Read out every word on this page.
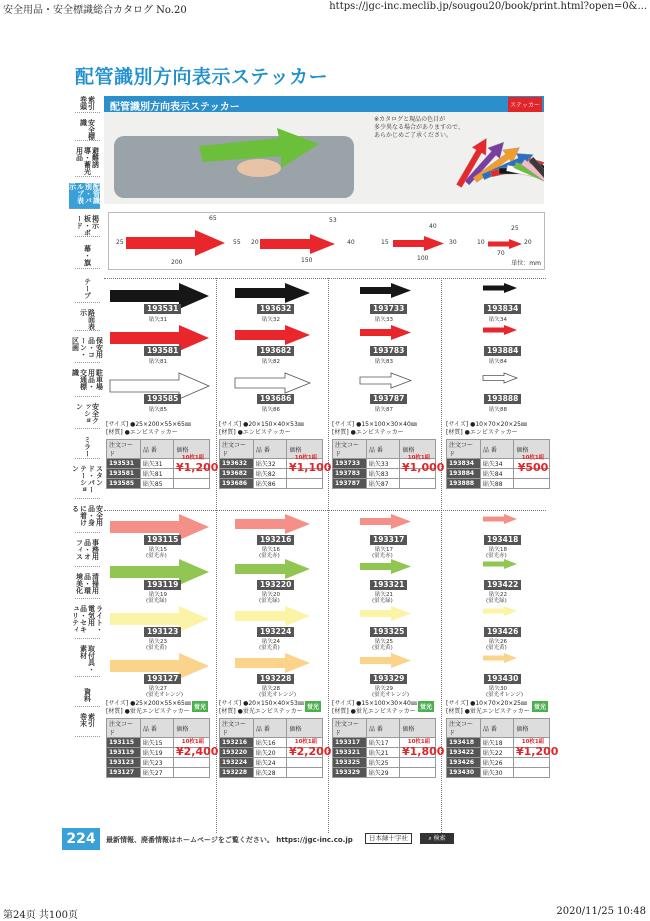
安全用品・安全標識総合カタログ No.20	https://jgc-inc.meclib.jp/sougou20/book/print.html?open=0&...
配管識別方向表示ステッカー
索引 巻頭
安全標識
避難誘導・蓄光用品
配管識別・バルブ表示
掲示板・ボード
幕・旗
テープ
路面表示
保安用品・コーン・区画
駐車場用品・交通標識
安全クッション
ミラー
スタンド・パーテーション
安全用品・身に着ける
事務用品・オフィス
清掃用品・環境美化
ライト・電気用品・セキュリティ
取付具・素材
資料
索引 巻末
配管識別方向表示ステッカー	ステッカー
※カタログと現品の色目が
多少異なる場合がありますので、
あらかじめご了承ください。
単位：mm
65
25	55
200
53
20	40
150
40
15	30
100
25
10	20
70
193531
貼矢31
193581
貼矢81
193585
貼矢85
193632
貼矢32
193682
貼矢82
193686
貼矢86
193733
貼矢33
193783
貼矢83
193787
貼矢87
193834
貼矢34
193884
貼矢84
193888
貼矢88
[サイズ] ●25×200×55×65㎜
[材質] ●エンビステッカー
注文コード	品 番	価格
193531	貼矢31	
193581	貼矢81	
193585	貼矢85	
10枚1組
¥1,200
[サイズ] ●20×150×40×53㎜
[材質] ●エンビステッカー
注文コード	品 番	価格
193632	貼矢32	
193682	貼矢82	
193686	貼矢86	
10枚1組
¥1,100
[サイズ] ●15×100×30×40㎜
[材質] ●エンビステッカー
注文コード	品 番	価格
193733	貼矢33	
193783	貼矢83	
193787	貼矢87	
10枚1組
¥1,000
[サイズ] ●10×70×20×25㎜
[材質] ●エンビステッカー
注文コード	品 番	価格
193834	貼矢34	
193884	貼矢84	
193888	貼矢88	
10枚1組
¥500
193115
貼矢15
(蛍光赤)
193119
貼矢19
(蛍光緑)
193123
貼矢23
(蛍光黄)
193127
貼矢27
(蛍光オレンジ)
193216
貼矢16
(蛍光赤)
193220
貼矢20
(蛍光緑)
193224
貼矢24
(蛍光黄)
193228
貼矢28
(蛍光オレンジ)
193317
貼矢17
(蛍光赤)
193321
貼矢21
(蛍光緑)
193325
貼矢25
(蛍光黄)
193329
貼矢29
(蛍光オレンジ)
193418
貼矢18
(蛍光赤)
193422
貼矢22
(蛍光緑)
193426
貼矢26
(蛍光黄)
193430
貼矢30
(蛍光オレンジ)
[サイズ] ●25×200×55×65㎜
[材質] ●蛍光エンビステッカー
蛍光
注文コード	品 番	価格
193115	貼矢15	
193119	貼矢19	
193123	貼矢23	
193127	貼矢27	
10枚1組
¥2,400
[サイズ] ●20×150×40×53㎜
[材質] ●蛍光エンビステッカー
蛍光
注文コード	品 番	価格
193216	貼矢16	
193220	貼矢20	
193224	貼矢24	
193228	貼矢28	
10枚1組
¥2,200
[サイズ] ●15×100×30×40㎜
[材質] ●蛍光エンビステッカー
蛍光
注文コード	品 番	価格
193317	貼矢17	
193321	貼矢21	
193325	貼矢25	
193329	貼矢29	
10枚1組
¥1,800
[サイズ] ●10×70×20×25㎜
[材質] ●蛍光エンビステッカー
蛍光
注文コード	品 番	価格
193418	貼矢18	
193422	貼矢22	
193426	貼矢26	
193430	貼矢30	
10枚1組
¥1,200
224	最新情報、廃番情報はホームページをご覧ください。 https://jgc-inc.co.jp	日本緑十字社	⌕ 検索
第24页 共100页	2020/11/25 10:48
